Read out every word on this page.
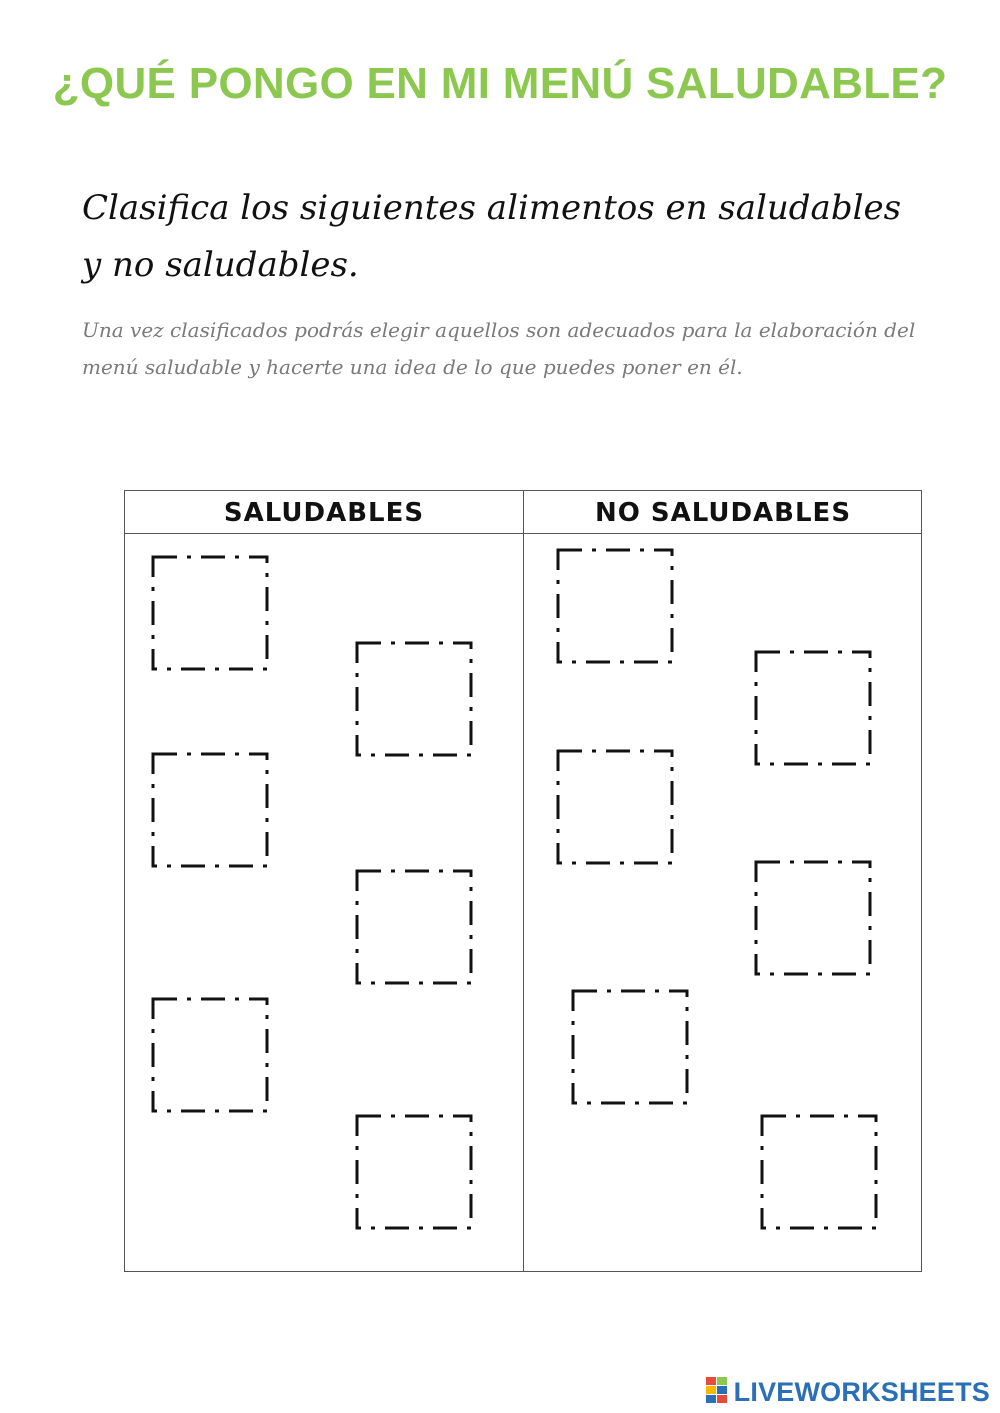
¿QUÉ PONGO EN MI MENÚ SALUDABLE?
Clasifica los siguientes alimentos en saludables
y no saludables.

Una vez clasificados podrás elegir aquellos son adecuados para la elaboración del menú saludable y hacerte una idea de lo que puedes poner en él.

SALUDABLES	NO SALUDABLES
LIVEWORKSHEETS
